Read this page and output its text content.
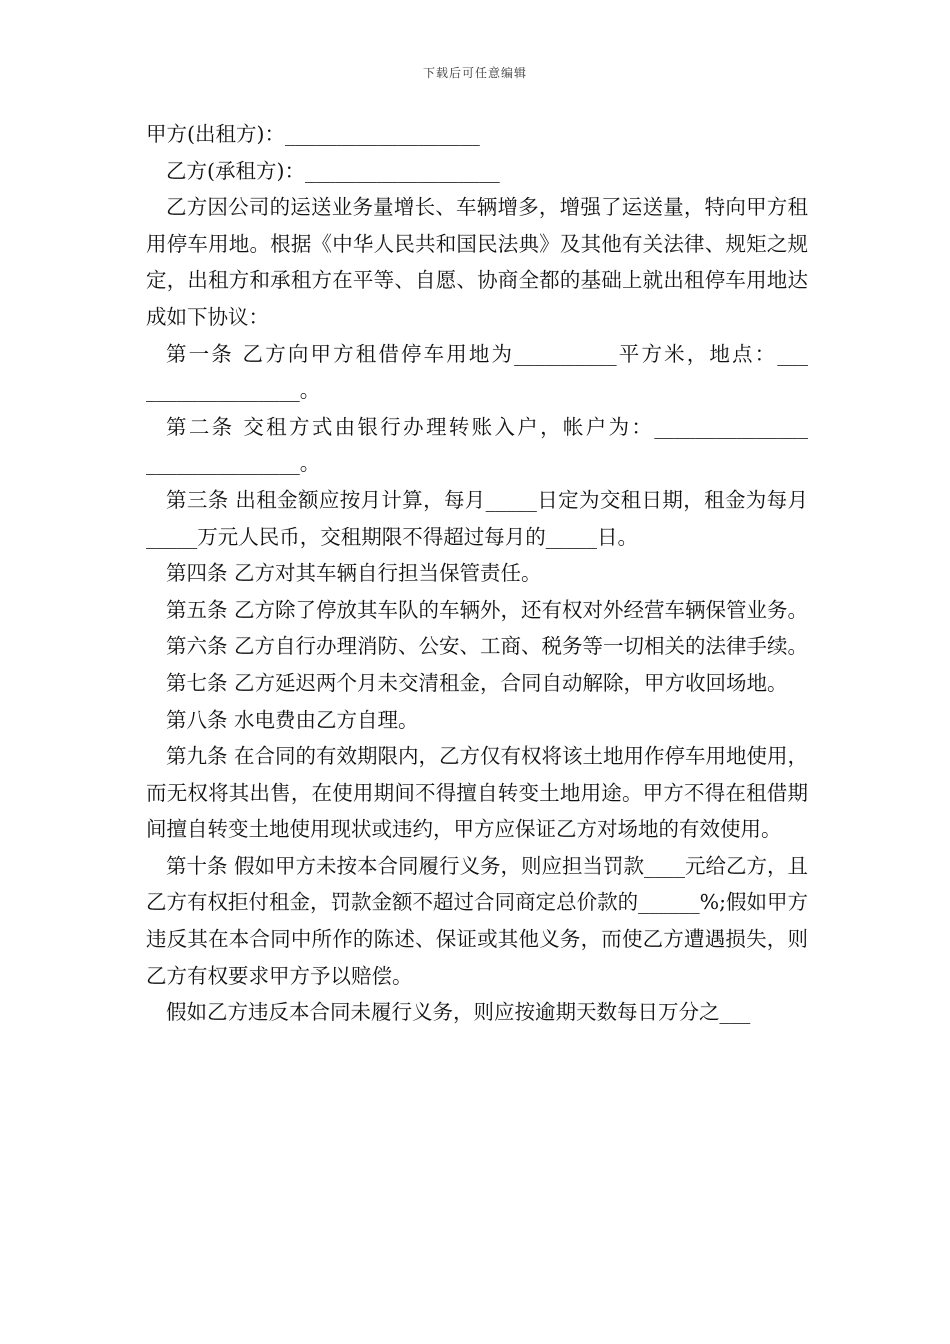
下载后可任意编辑

甲方(出租方)：___________________

乙方(承租方)：___________________

乙方因公司的运送业务量增长、车辆增多，增强了运送量，特向甲方租用停车用地。根据《中华人民共和国民法典》及其他有关法律、规矩之规定，出租方和承租方在平等、自愿、协商全都的基础上就出租停车用地达成如下协议：

第一条 乙方向甲方租借停车用地为__________平方米，地点：___ _______________。

第二条 交租方式由银行办理转账入户，帐户为：_______________ _______________。

第三条 出租金额应按月计算，每月_____日定为交租日期，租金为每月_____万元人民币，交租期限不得超过每月的_____日。

第四条 乙方对其车辆自行担当保管责任。

第五条 乙方除了停放其车队的车辆外，还有权对外经营车辆保管业务。

第六条 乙方自行办理消防、公安、工商、税务等一切相关的法律手续。

第七条 乙方延迟两个月未交清租金，合同自动解除，甲方收回场地。

第八条 水电费由乙方自理。

第九条 在合同的有效期限内，乙方仅有权将该土地用作停车用地使用，而无权将其出售，在使用期间不得擅自转变土地用途。甲方不得在租借期间擅自转变土地使用现状或违约，甲方应保证乙方对场地的有效使用。

第十条 假如甲方未按本合同履行义务，则应担当罚款____元给乙方，且乙方有权拒付租金，罚款金额不超过合同商定总价款的______%;假如甲方违反其在本合同中所作的陈述、保证或其他义务，而使乙方遭遇损失，则乙方有权要求甲方予以赔偿。

假如乙方违反本合同未履行义务，则应按逾期天数每日万分之___
